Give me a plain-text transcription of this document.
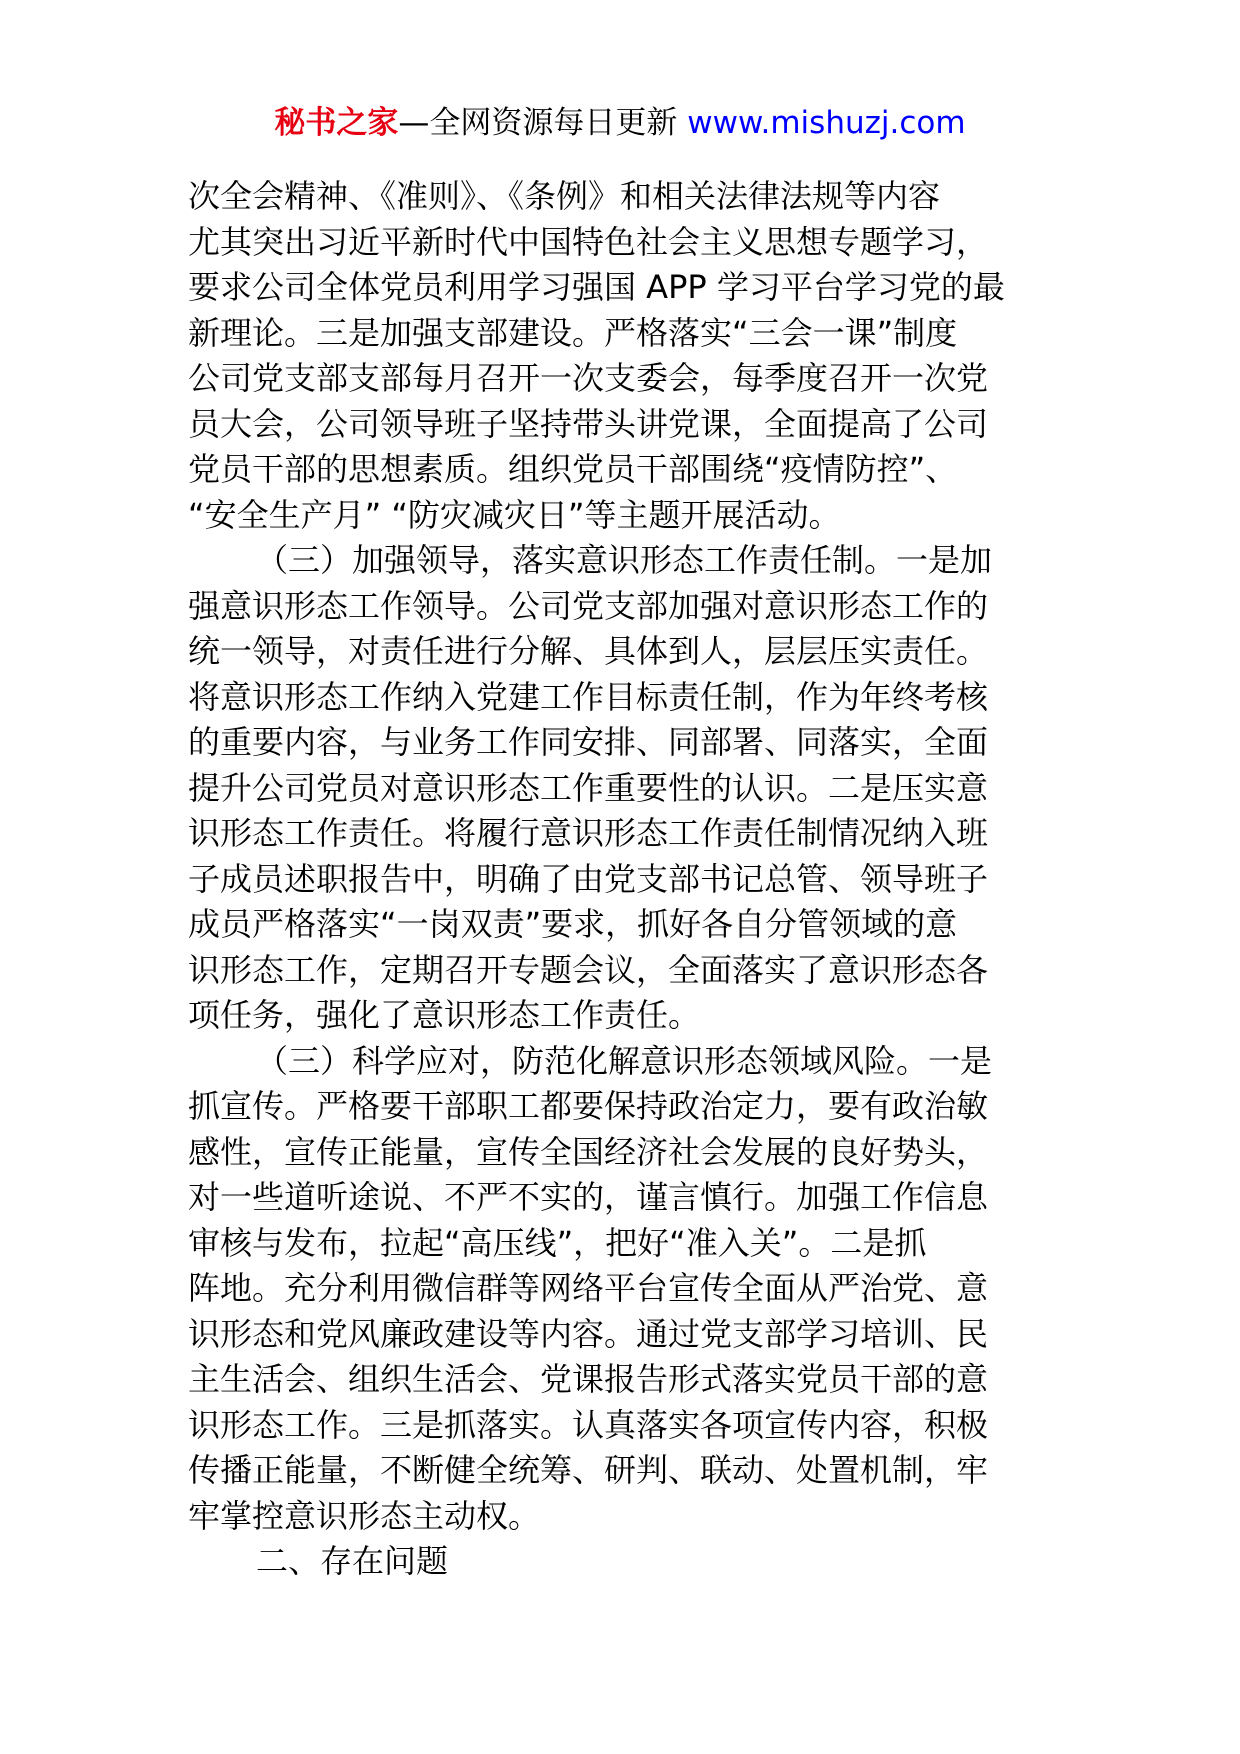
秘书之家—全网资源每日更新 www.mishuzj.com
次全会精神、《准则》、《条例》和相关法律法规等内容
尤其突出习近平新时代中国特色社会主义思想专题学习，
要求公司全体党员利用学习强国 APP 学习平台学习党的最
新理论。三是加强支部建设。严格落实“三会一课”制度
公司党支部支部每月召开一次支委会，每季度召开一次党
员大会，公司领导班子坚持带头讲党课，全面提高了公司
党员干部的思想素质。组织党员干部围绕“疫情防控”、
“安全生产月” “防灾减灾日”等主题开展活动。
（三）加强领导，落实意识形态工作责任制。一是加
强意识形态工作领导。公司党支部加强对意识形态工作的
统一领导，对责任进行分解、具体到人，层层压实责任。
将意识形态工作纳入党建工作目标责任制，作为年终考核
的重要内容，与业务工作同安排、同部署、同落实，全面
提升公司党员对意识形态工作重要性的认识。二是压实意
识形态工作责任。将履行意识形态工作责任制情况纳入班
子成员述职报告中，明确了由党支部书记总管、领导班子
成员严格落实“一岗双责”要求，抓好各自分管领域的意
识形态工作，定期召开专题会议，全面落实了意识形态各
项任务，强化了意识形态工作责任。
（三）科学应对，防范化解意识形态领域风险。一是
抓宣传。严格要干部职工都要保持政治定力，要有政治敏
感性，宣传正能量，宣传全国经济社会发展的良好势头，
对一些道听途说、不严不实的，谨言慎行。加强工作信息
审核与发布，拉起“高压线”，把好“准入关”。二是抓
阵地。充分利用微信群等网络平台宣传全面从严治党、意
识形态和党风廉政建设等内容。通过党支部学习培训、民
主生活会、组织生活会、党课报告形式落实党员干部的意
识形态工作。三是抓落实。认真落实各项宣传内容，积极
传播正能量，不断健全统筹、研判、联动、处置机制，牢
牢掌控意识形态主动权。
二、存在问题
